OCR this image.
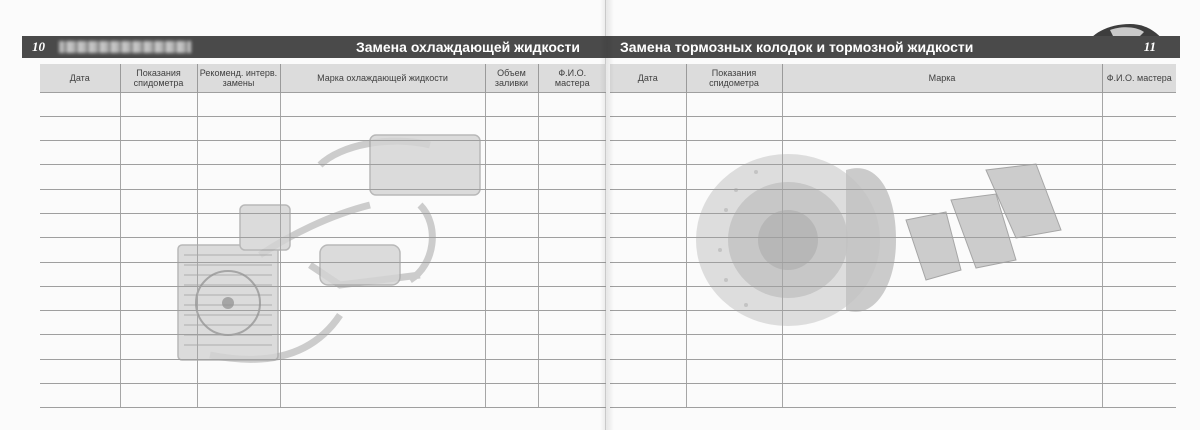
10	Замена охлаждающей жидкости
Дата	Показания спидометра	Рекоменд. интерв. замены	Марка охлаждающей жидкости	Объем заливки	Ф.И.О. мастера

Замена тормозных колодок и тормозной жидкости	11
Дата	Показания спидометра	Марка	Ф.И.О. мастера
